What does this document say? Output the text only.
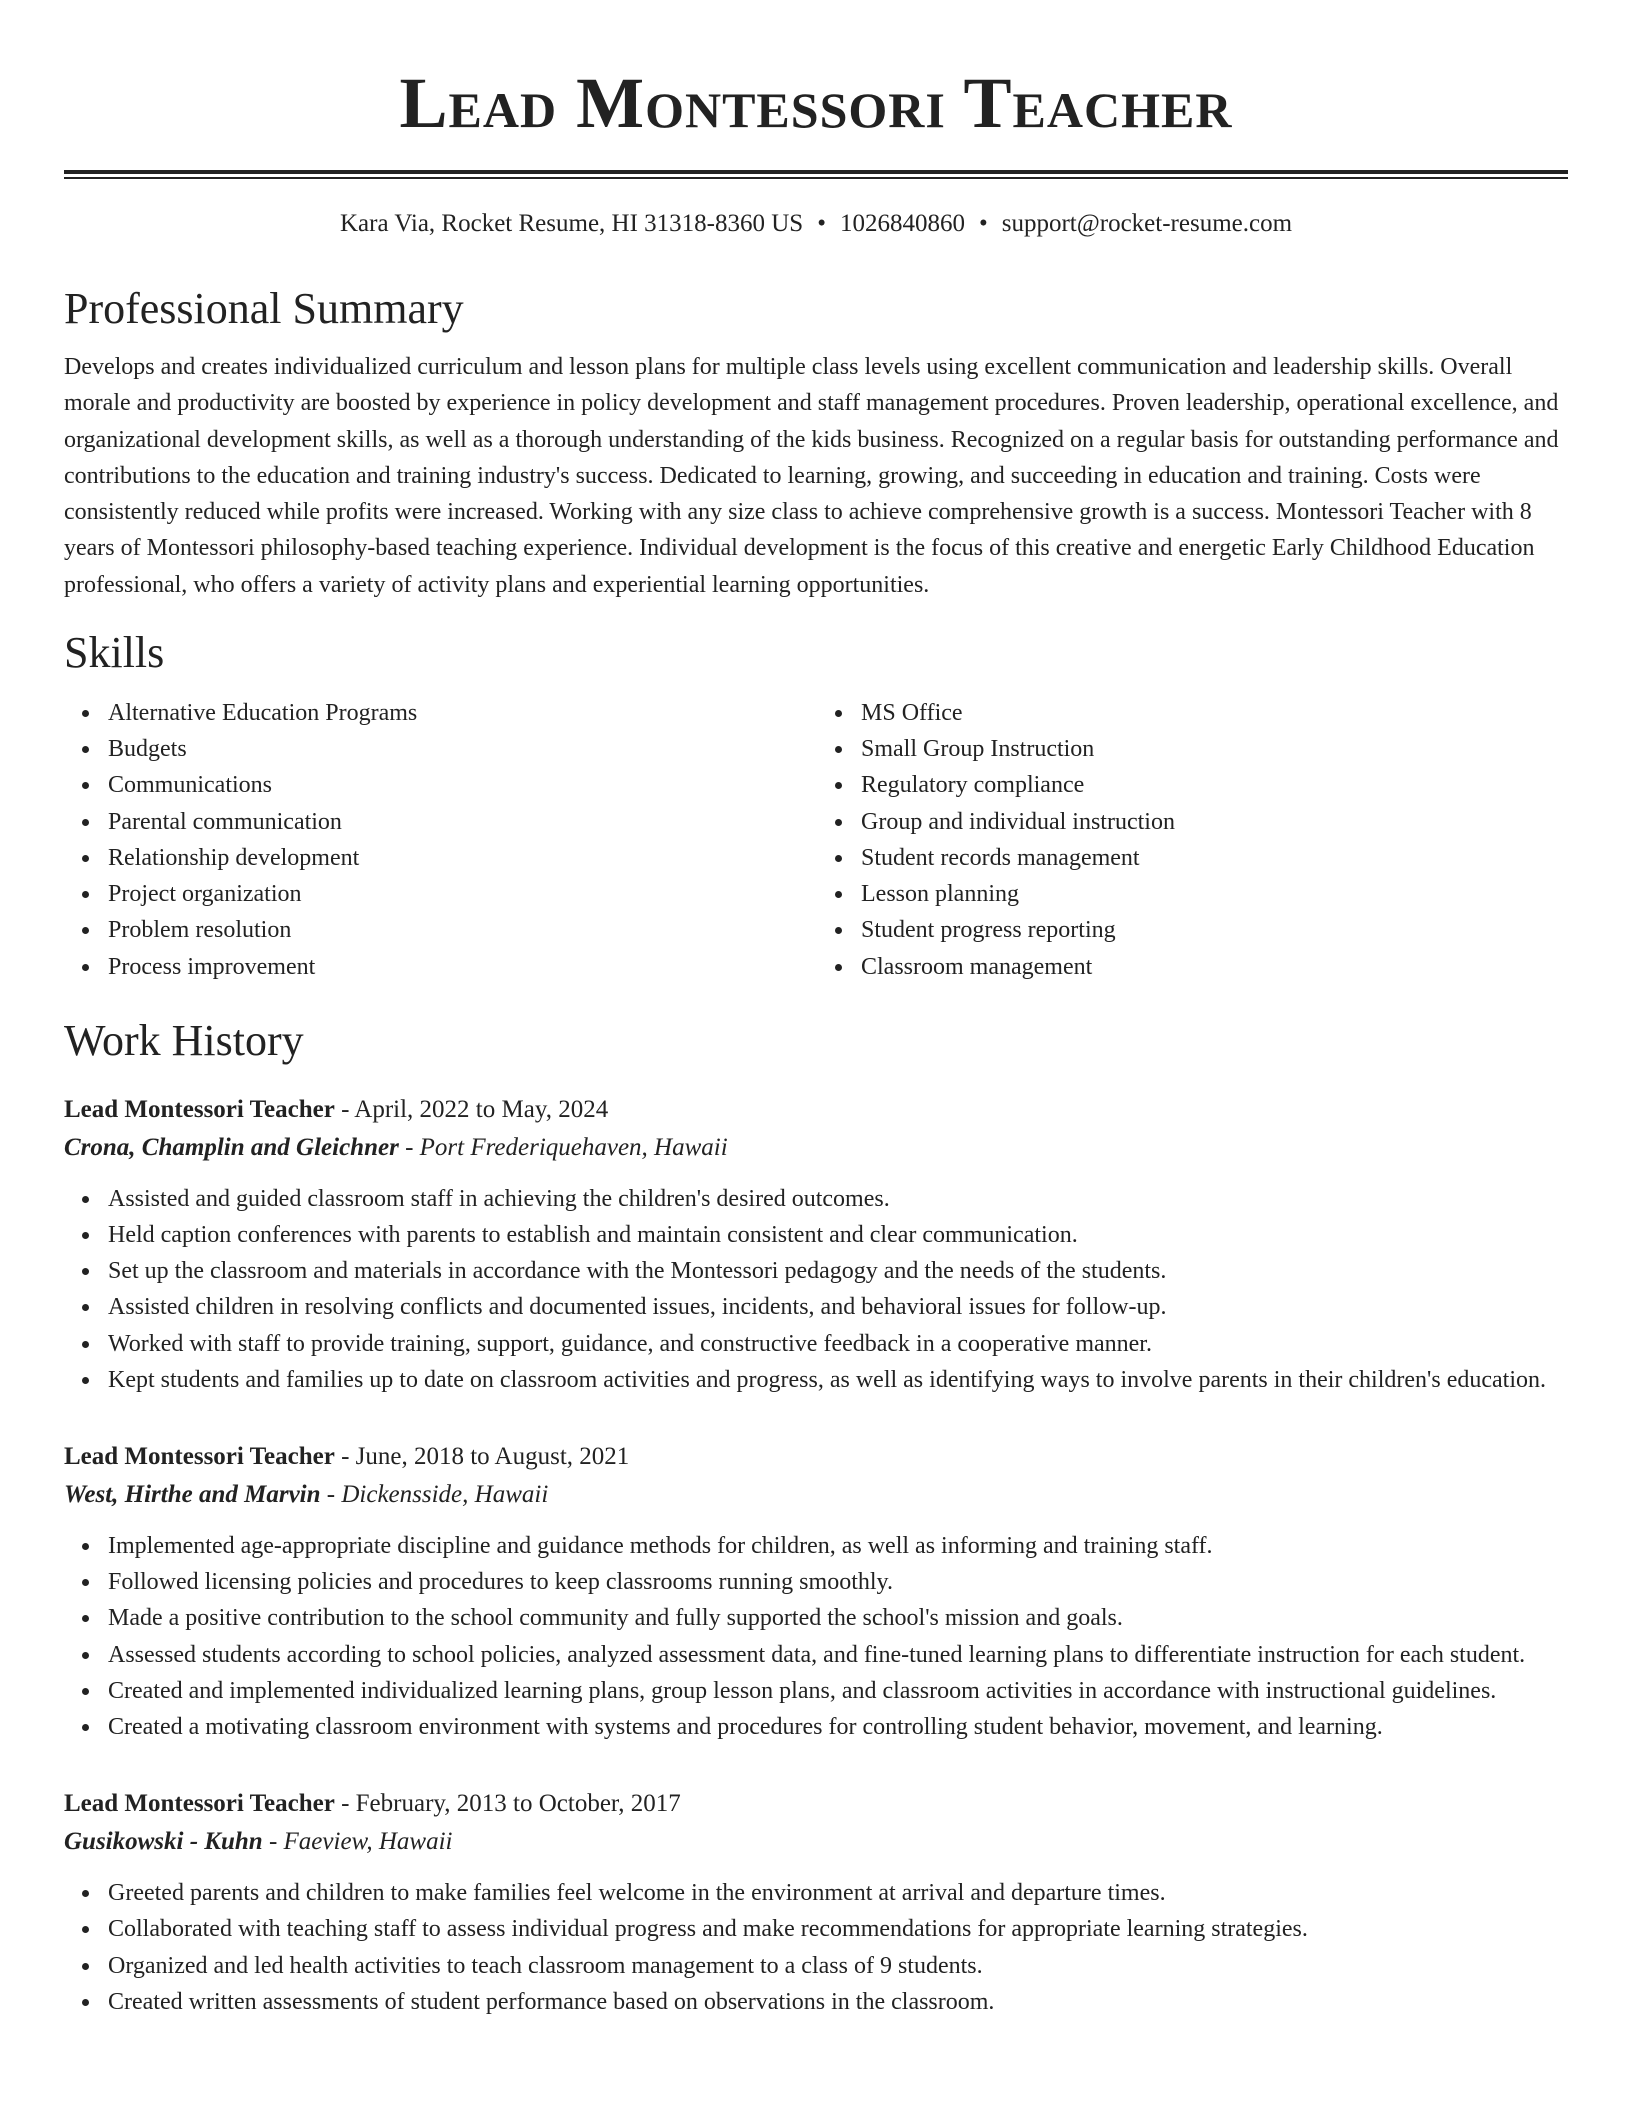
Lead Montessori Teacher
Kara Via, Rocket Resume, HI 31318-8360 US • 1026840860 • support@rocket-resume.com
Professional Summary

Develops and creates individualized curriculum and lesson plans for multiple class levels using excellent communication and leadership skills. Overall morale and productivity are boosted by experience in policy development and staff management procedures. Proven leadership, operational excellence, and organizational development skills, as well as a thorough understanding of the kids business. Recognized on a regular basis for outstanding performance and contributions to the education and training industry's success. Dedicated to learning, growing, and succeeding in education and training. Costs were consistently reduced while profits were increased. Working with any size class to achieve comprehensive growth is a success. Montessori Teacher with 8 years of Montessori philosophy-based teaching experience. Individual development is the focus of this creative and energetic Early Childhood Education professional, who offers a variety of activity plans and experiential learning opportunities.

Skills
Alternative Education Programs
Budgets
Communications
Parental communication
Relationship development
Project organization
Problem resolution
Process improvement
MS Office
Small Group Instruction
Regulatory compliance
Group and individual instruction
Student records management
Lesson planning
Student progress reporting
Classroom management
Work History
Lead Montessori Teacher - April, 2022 to May, 2024
Crona, Champlin and Gleichner - Port Frederiquehaven, Hawaii
Assisted and guided classroom staff in achieving the children's desired outcomes.
Held caption conferences with parents to establish and maintain consistent and clear communication.
Set up the classroom and materials in accordance with the Montessori pedagogy and the needs of the students.
Assisted children in resolving conflicts and documented issues, incidents, and behavioral issues for follow-up.
Worked with staff to provide training, support, guidance, and constructive feedback in a cooperative manner.
Kept students and families up to date on classroom activities and progress, as well as identifying ways to involve parents in their children's education.
Lead Montessori Teacher - June, 2018 to August, 2021
West, Hirthe and Marvin - Dickensside, Hawaii
Implemented age-appropriate discipline and guidance methods for children, as well as informing and training staff.
Followed licensing policies and procedures to keep classrooms running smoothly.
Made a positive contribution to the school community and fully supported the school's mission and goals.
Assessed students according to school policies, analyzed assessment data, and fine-tuned learning plans to differentiate instruction for each student.
Created and implemented individualized learning plans, group lesson plans, and classroom activities in accordance with instructional guidelines.
Created a motivating classroom environment with systems and procedures for controlling student behavior, movement, and learning.
Lead Montessori Teacher - February, 2013 to October, 2017
Gusikowski - Kuhn - Faeview, Hawaii
Greeted parents and children to make families feel welcome in the environment at arrival and departure times.
Collaborated with teaching staff to assess individual progress and make recommendations for appropriate learning strategies.
Organized and led health activities to teach classroom management to a class of 9 students.
Created written assessments of student performance based on observations in the classroom.
